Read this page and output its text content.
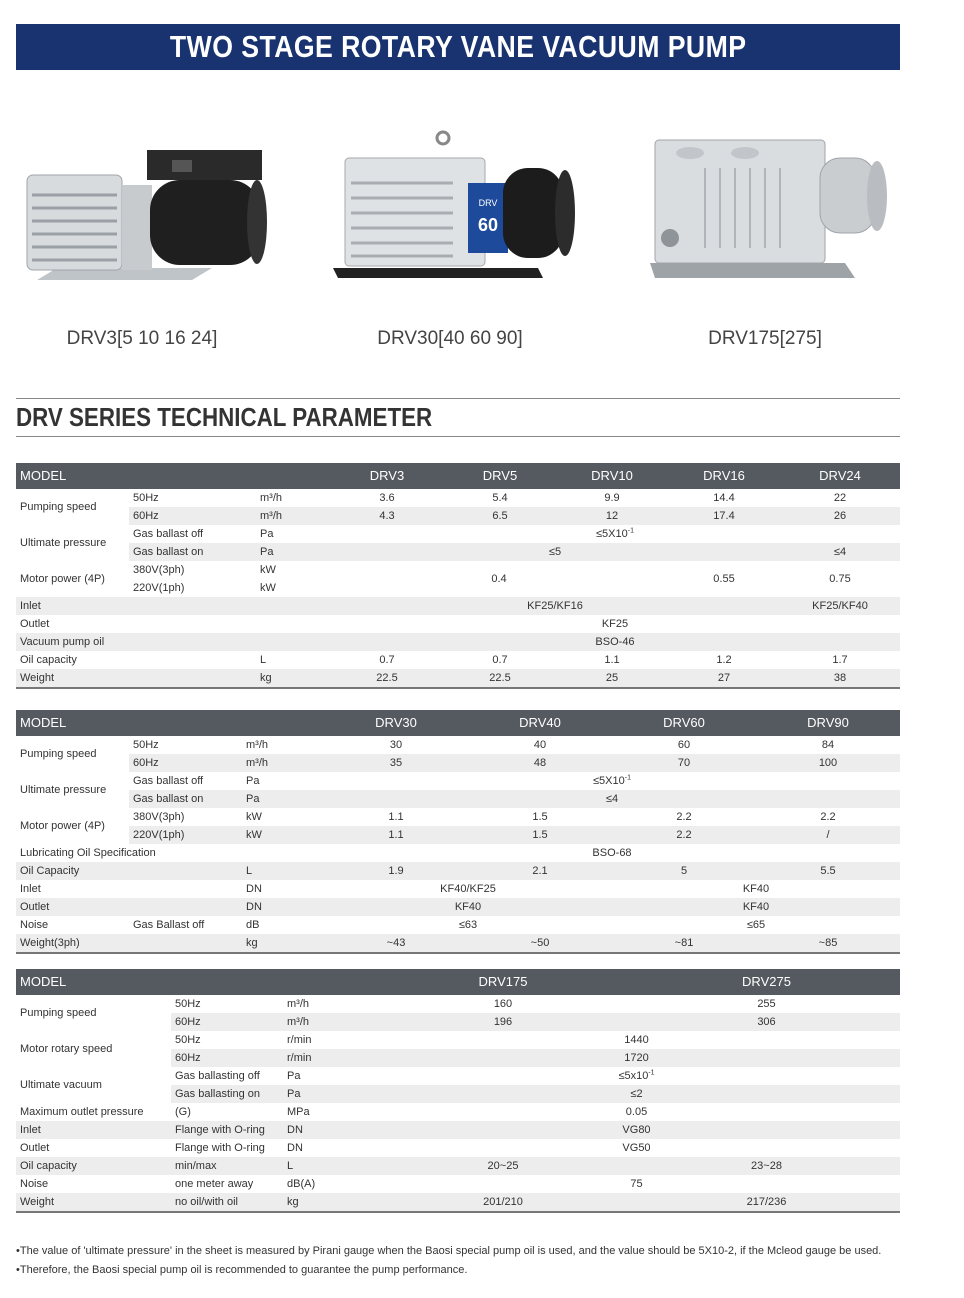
TWO STAGE ROTARY VANE VACUUM PUMP
DRV3[5 10 16 24]
DRV
60
DRV30[40 60 90]	DRV175[275]
DRV SERIES TECHNICAL PARAMETER
MODEL			DRV3	DRV5	DRV10	DRV16	DRV24
Pumping speed	50Hz	m³/h	3.6	5.4	9.9	14.4	22
	60Hz	m³/h	4.3	6.5	12	17.4	26
Ultimate pressure	Gas ballast off	Pa	$\le 5X10^{-1}$
	Gas ballast on	Pa	≤5				≤4
Motor power (4P)	380V(3ph)	kW	0.4			0.55	0.75
	220V(1ph)	kW					
Inlet			KF25/KF16				KF25/KF40
Outlet			KF25				
Vacuum pump oil			BSO-46				
Oil capacity		L	0.7	0.7	1.1	1.2	1.7
Weight		kg	22.5	22.5	25	27	38
MODEL			DRV30	DRV40	DRV60	DRV90
Pumping speed	50Hz	m³/h	30	40	60	84
	60Hz	m³/h	35	48	70	100
Ultimate pressure	Gas ballast off	Pa	$\le 5X10^{-1}$
	Gas ballast on	Pa	≤4			
Motor power (4P)	380V(3ph)	kW	1.1	1.5	2.2	2.2
	220V(1ph)	kW	1.1	1.5	2.2	/
Lubricating Oil Specification			BSO-68			
Oil Capacity		L	1.9	2.1	5	5.5
Inlet		DN	KF40/KF25		KF40	
Outlet		DN	KF40		KF40	
Noise	Gas Ballast off	dB	≤63		≤65	
Weight(3ph)		kg	~43	~50	~81	~85
MODEL			DRV175	DRV275
Pumping speed	50Hz	m³/h	160	255
	60Hz	m³/h	196	306
Motor rotary speed	50Hz	r/min	1440	
	60Hz	r/min	1720	
Ultimate vacuum	Gas ballasting off	Pa	$\le 5x10^{-1}$
	Gas ballasting on	Pa	≤2	
Maximum outlet pressure	(G)	MPa	0.05	
Inlet	Flange with O-ring	DN	VG80	
Outlet	Flange with O-ring	DN	VG50	
Oil capacity	min/max	L	20~25	23~28
Noise	one meter away	dB(A)	75	
Weight	no oil/with oil	kg	201/210	217/236
•The value of 'ultimate pressure' in the sheet is measured by Pirani gauge when the Baosi special pump oil is used, and the value should be 5X10-2, if the Mcleod gauge be used.
•Therefore, the Baosi special pump oil is recommended to guarantee the pump performance.
